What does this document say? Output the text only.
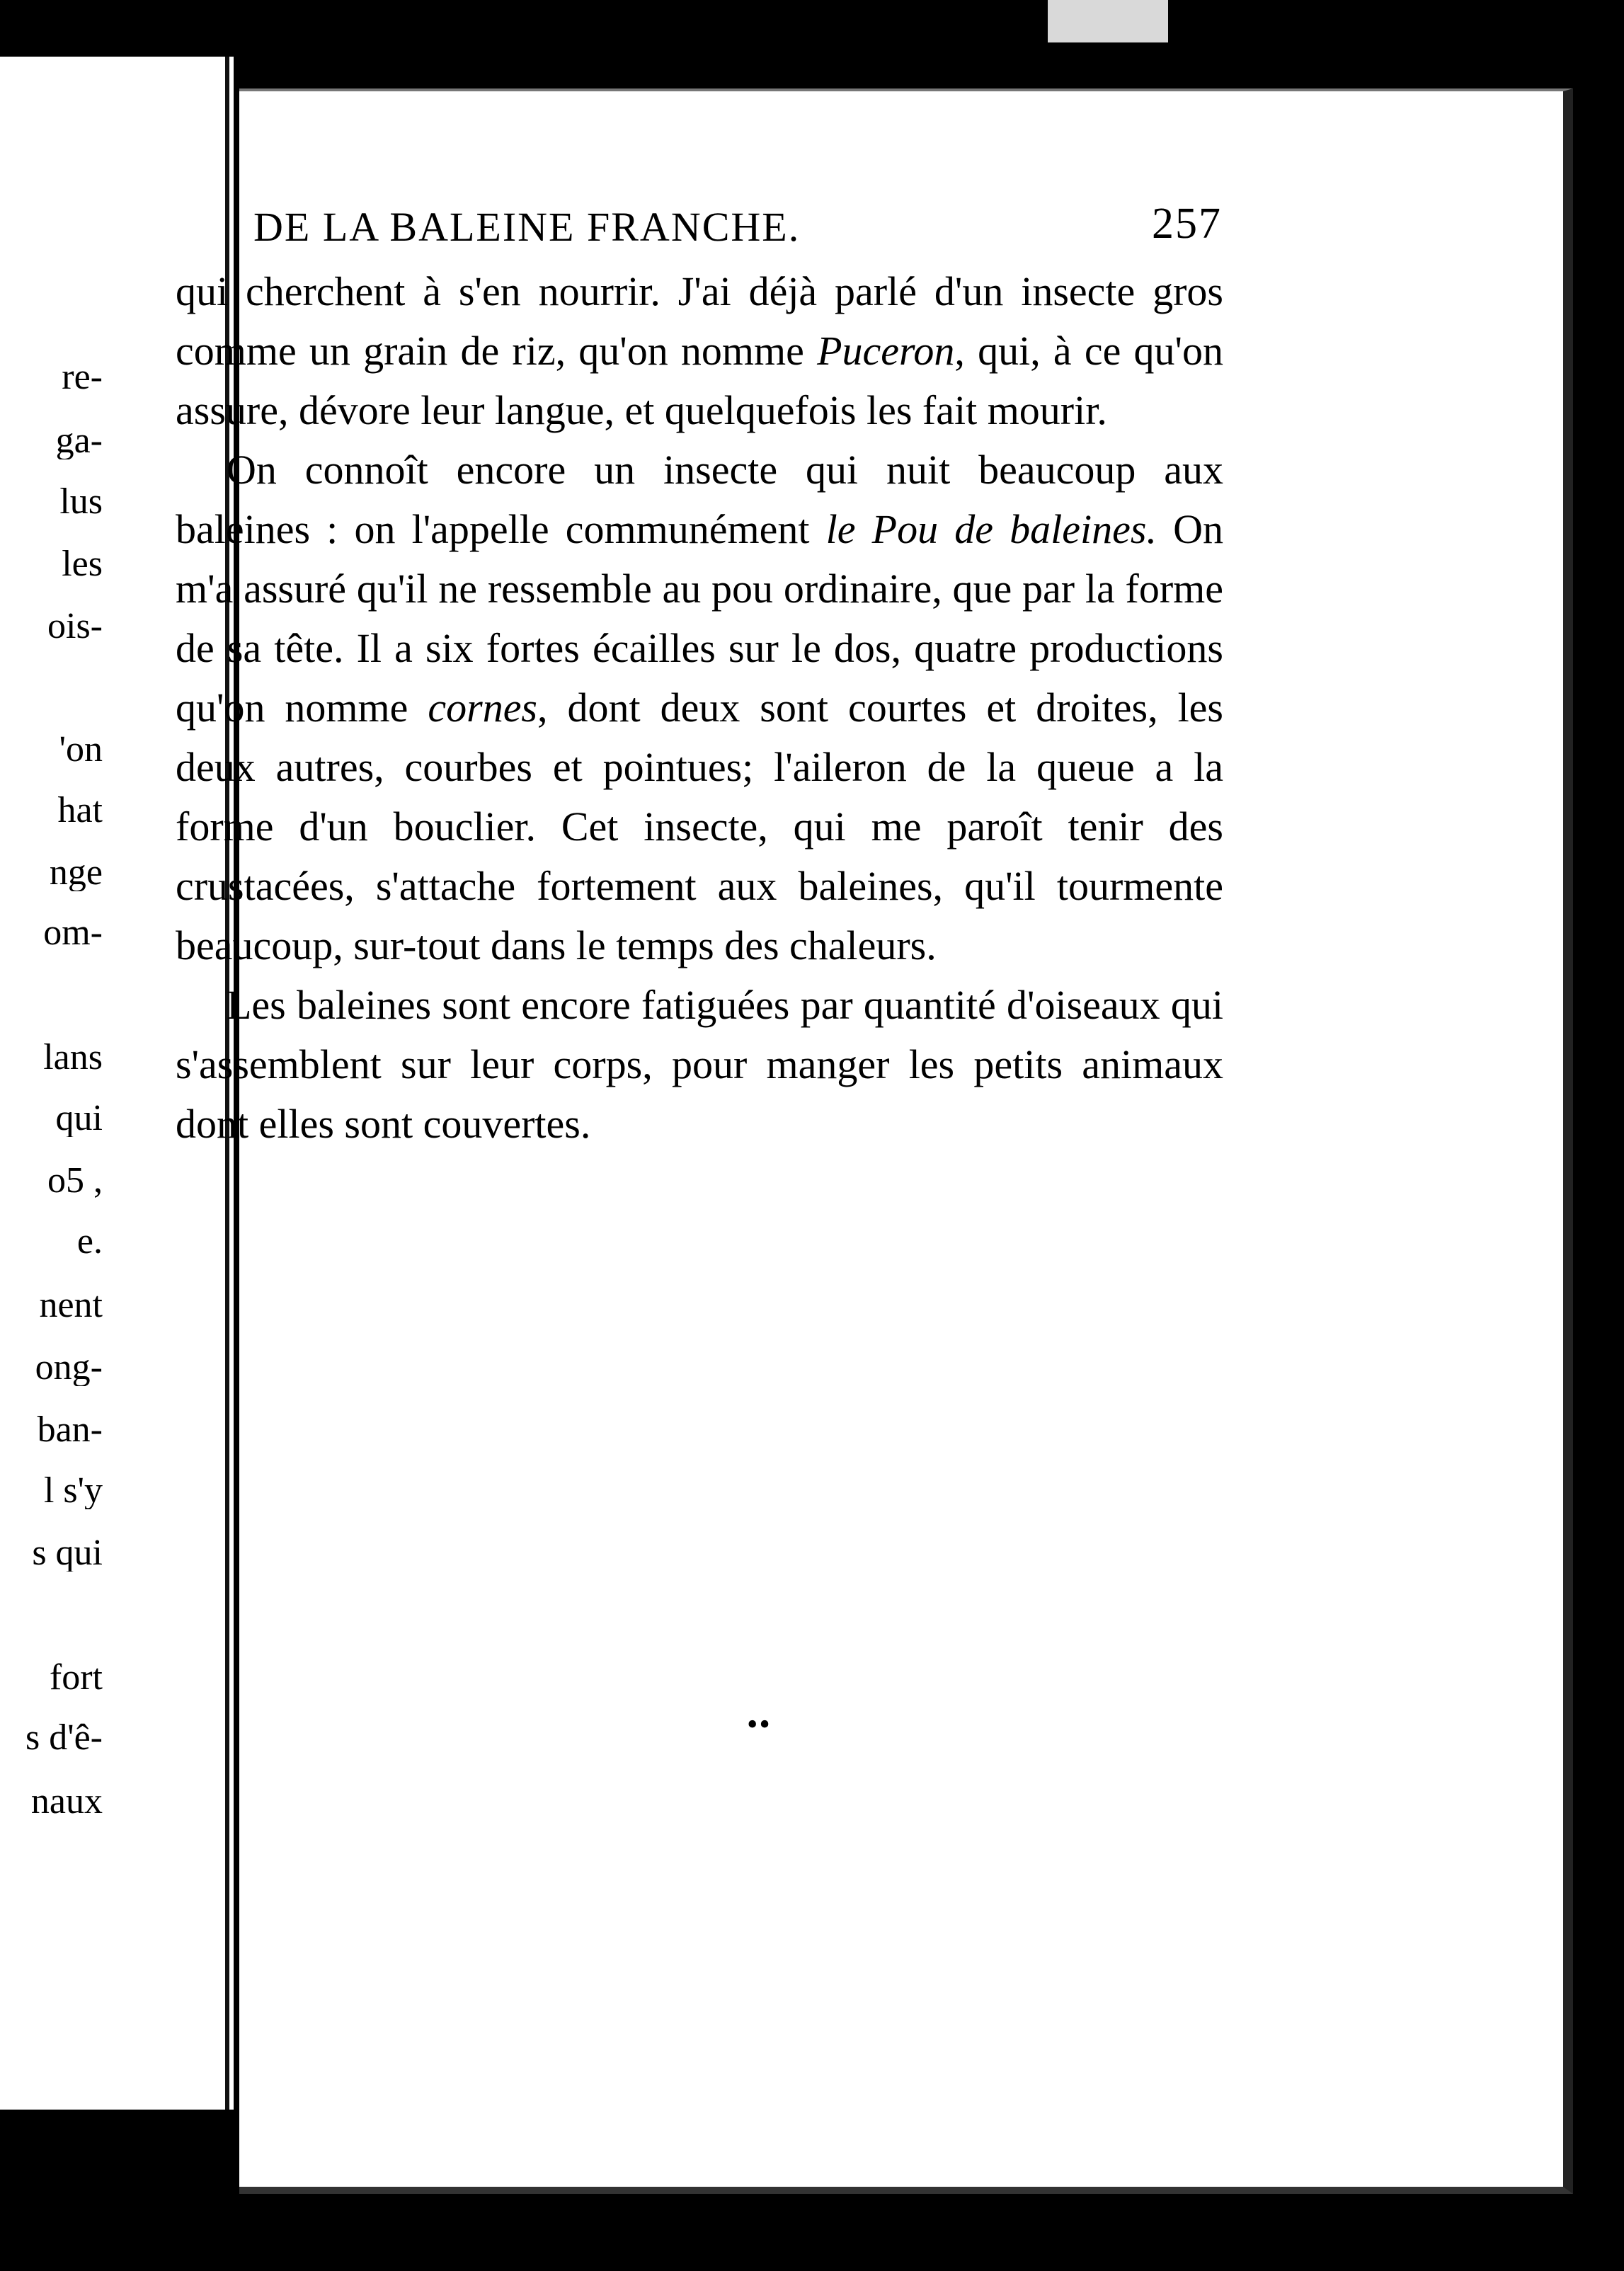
re-
ga-
lus
les
ois-
'on
hat
nge
om-
lans
qui
o5 ,
e.
nent
ong-
ban-
l s'y
s qui
fort
s d'ê-
naux
DE LA BALEINE FRANCHE.	257

qui cherchent à s'en nourrir. J'ai déjà parlé d'un insecte gros comme un grain de riz, qu'on nomme Puceron, qui, à ce qu'on assure, dévore leur langue, et quelquefois les fait mourir.

On connoît encore un insecte qui nuit beaucoup aux baleines : on l'appelle communément le Pou de baleines. On m'a assuré qu'il ne ressemble au pou ordinaire, que par la forme de sa tête. Il a six fortes écailles sur le dos, quatre productions qu'on nomme cornes, dont deux sont courtes et droites, les deux autres, courbes et pointues; l'aileron de la queue a la forme d'un bouclier. Cet insecte, qui me paroît tenir des crustacées, s'attache fortement aux baleines, qu'il tourmente beaucoup, sur-tout dans le temps des chaleurs.

Les baleines sont encore fatiguées par quantité d'oiseaux qui s'assemblent sur leur corps, pour manger les petits animaux dont elles sont couvertes.

••
